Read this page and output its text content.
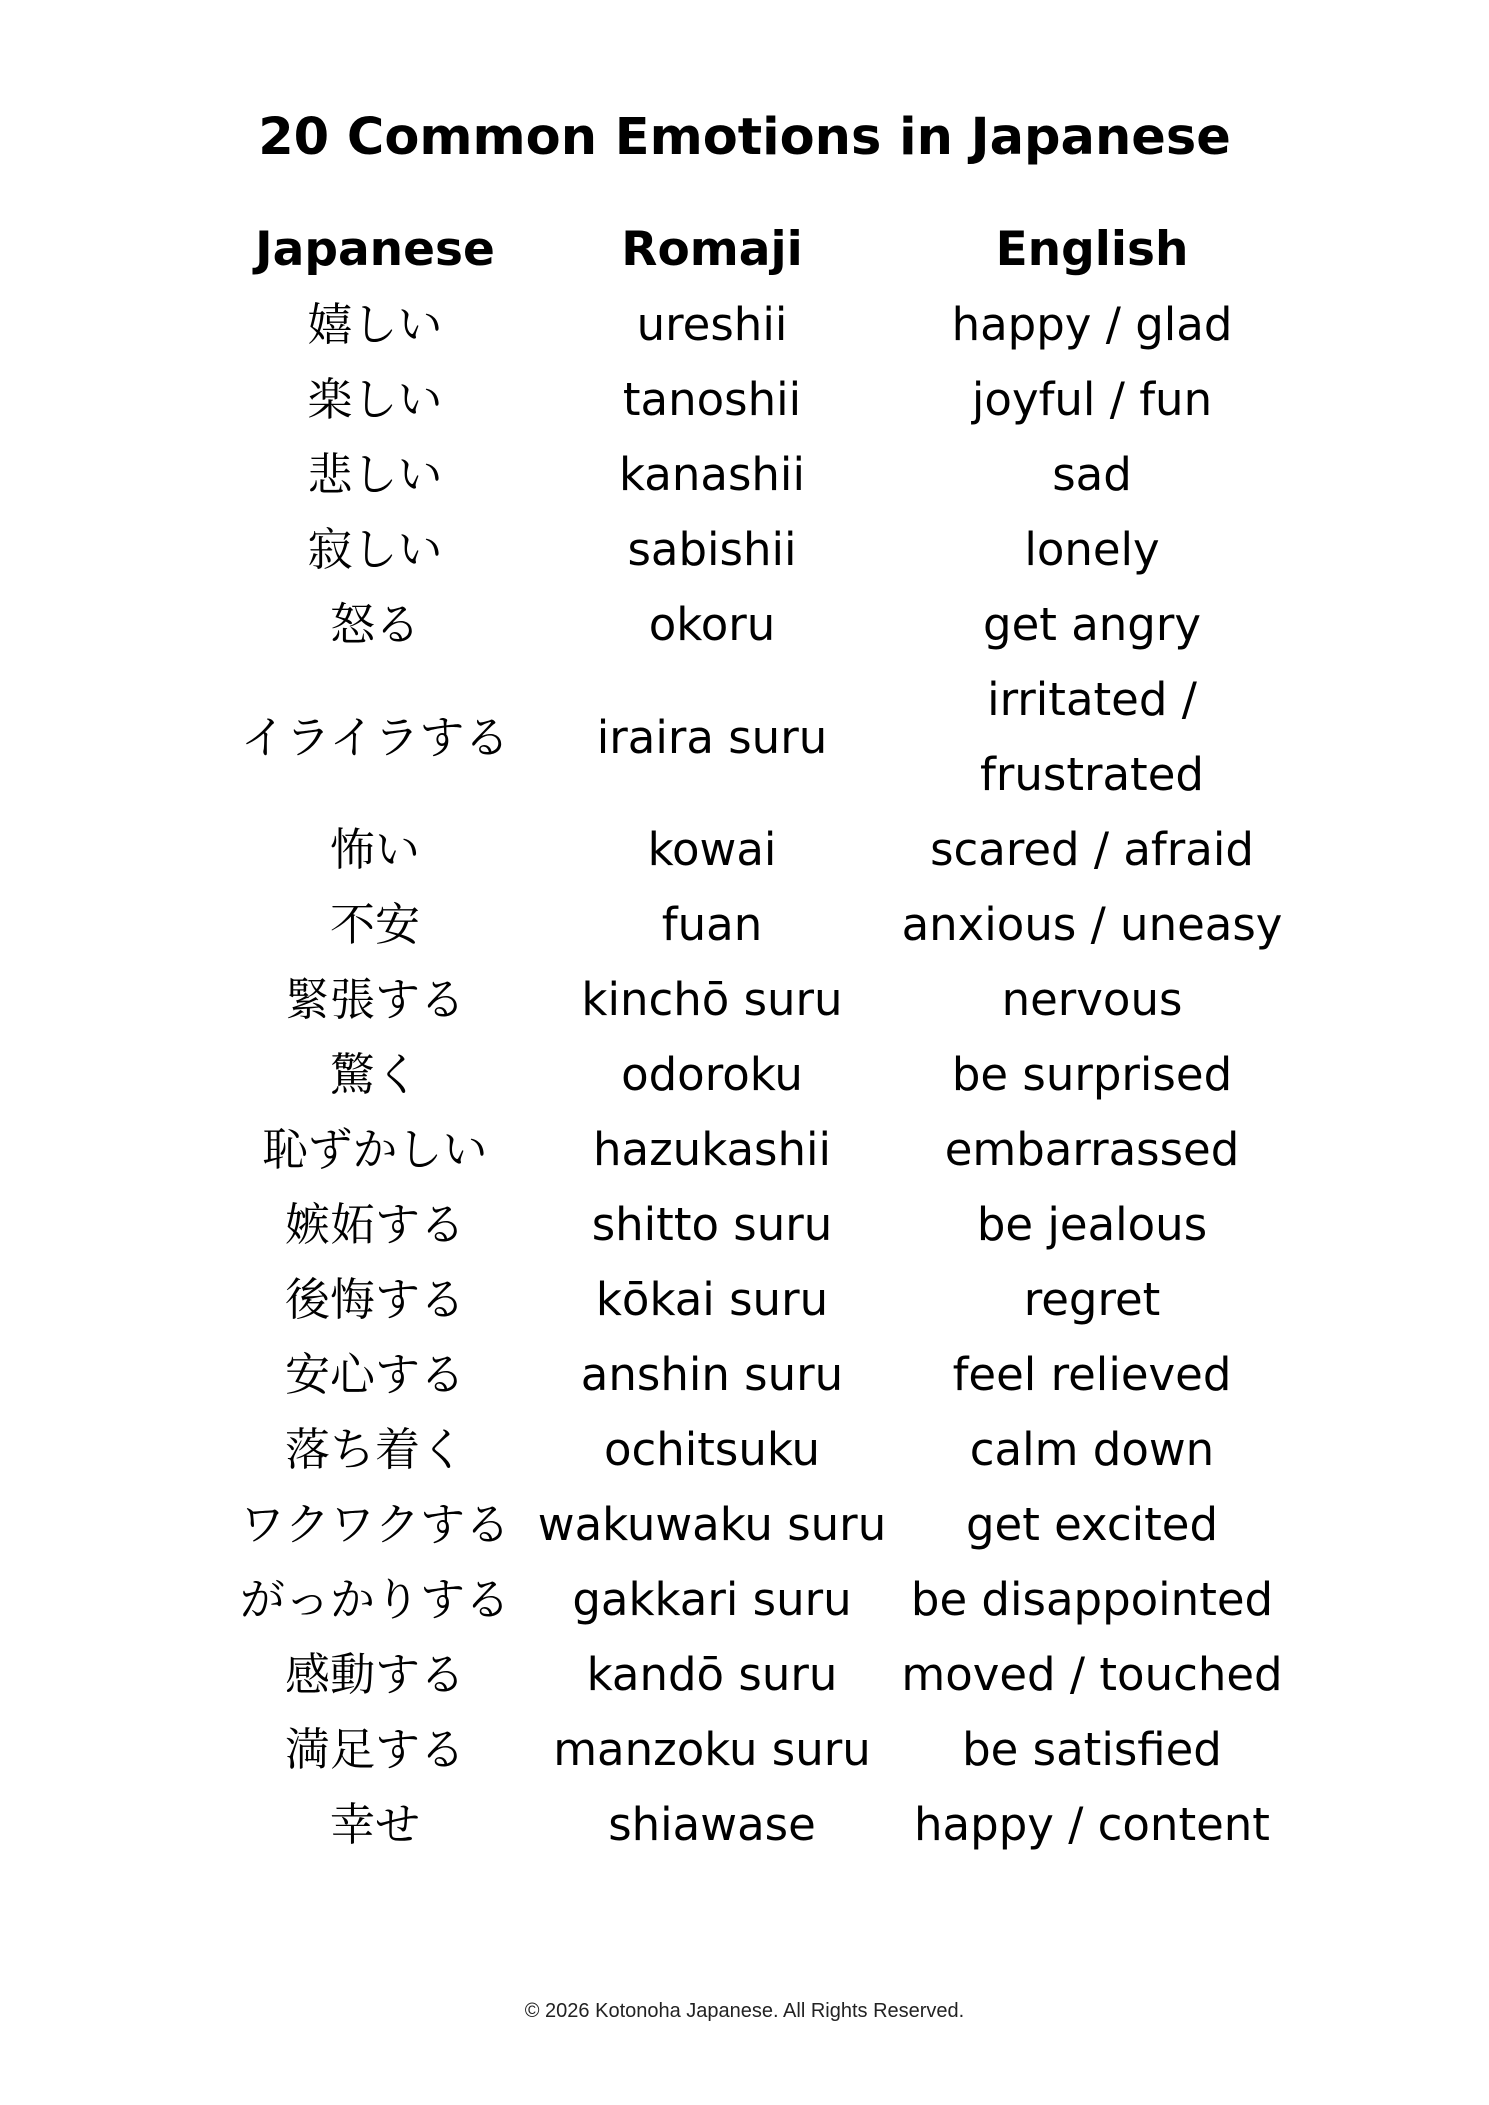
20 Common Emotions in Japanese
Japanese	Romaji	English
嬉しい	ureshii	happy / glad
楽しい	tanoshii	joyful / fun
悲しい	kanashii	sad
寂しい	sabishii	lonely
怒る	okoru	get angry
イライラする	iraira suru	irritated / frustrated
怖い	kowai	scared / afraid
不安	fuan	anxious / uneasy
緊張する	kinchō suru	nervous
驚く	odoroku	be surprised
恥ずかしい	hazukashii	embarrassed
嫉妬する	shitto suru	be jealous
後悔する	kōkai suru	regret
安心する	anshin suru	feel relieved
落ち着く	ochitsuku	calm down
ワクワクする	wakuwaku suru	get excited
がっかりする	gakkari suru	be disappointed
感動する	kandō suru	moved / touched
満足する	manzoku suru	be satisfied
幸せ	shiawase	happy / content
© 2026 Kotonoha Japanese. All Rights Reserved.
